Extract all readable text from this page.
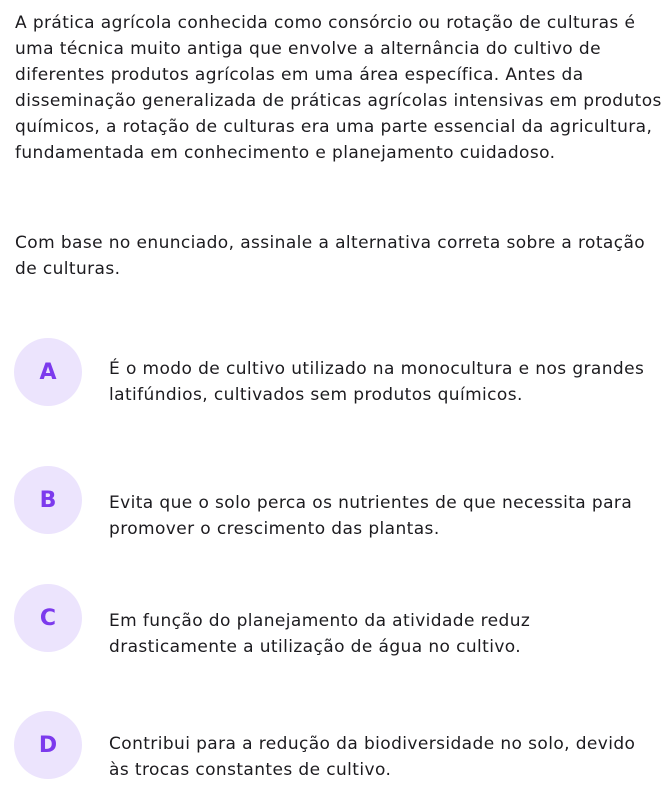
A prática agrícola conhecida como consórcio ou rotação de culturas é uma técnica muito antiga que envolve a alternância do cultivo de diferentes produtos agrícolas em uma área específica. Antes da disseminação generalizada de práticas agrícolas intensivas em produtos químicos, a rotação de culturas era uma parte essencial da agricultura, fundamentada em conhecimento e planejamento cuidadoso.

Com base no enunciado, assinale a alternativa correta sobre a rotação de culturas.

A	É o modo de cultivo utilizado na monocultura e nos grandes latifúndios, cultivados sem produtos químicos.

B	Evita que o solo perca os nutrientes de que necessita para promover o crescimento das plantas.

C	Em função do planejamento da atividade reduz drasticamente a utilização de água no cultivo.

D	Contribui para a redução da biodiversidade no solo, devido às trocas constantes de cultivo.
